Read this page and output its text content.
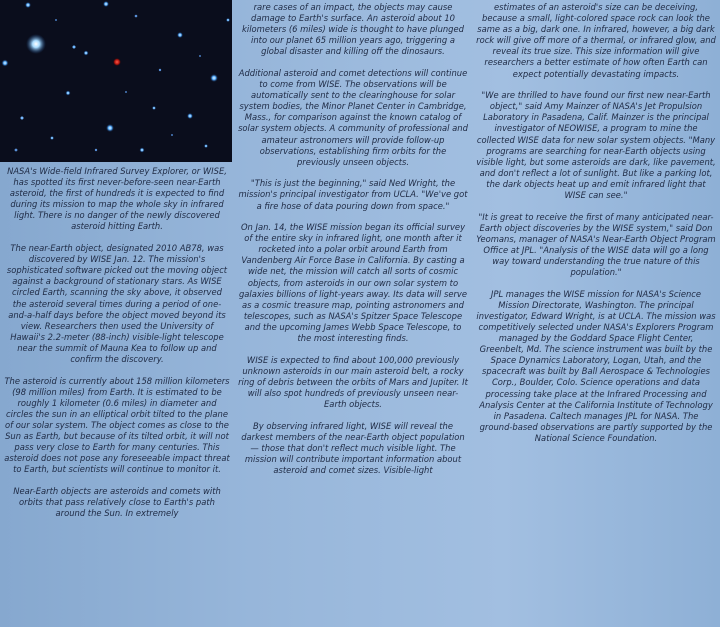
NASA's Wide-field Infrared Survey Explorer, or WISE, has spotted its first never-before-seen near-Earth asteroid, the first of hundreds it is expected to find during its mission to map the whole sky in infrared light. There is no danger of the newly discovered asteroid hitting Earth.

The near-Earth object, designated 2010 AB78, was discovered by WISE Jan. 12. The mission's sophisticated software picked out the moving object against a background of stationary stars. As WISE circled Earth, scanning the sky above, it observed the asteroid several times during a period of one-and-a-half days before the object moved beyond its view. Researchers then used the University of Hawaii's 2.2-meter (88-inch) visible-light telescope near the summit of Mauna Kea to follow up and confirm the discovery.

The asteroid is currently about 158 million kilometers (98 million miles) from Earth. It is estimated to be roughly 1 kilometer (0.6 miles) in diameter and circles the sun in an elliptical orbit tilted to the plane of our solar system. The object comes as close to the Sun as Earth, but because of its tilted orbit, it will not pass very close to Earth for many centuries. This asteroid does not pose any foreseeable impact threat to Earth, but scientists will continue to monitor it.

Near-Earth objects are asteroids and comets with orbits that pass relatively close to Earth's path around the Sun. In extremely

rare cases of an impact, the objects may cause damage to Earth's surface. An asteroid about 10 kilometers (6 miles) wide is thought to have plunged into our planet 65 million years ago, triggering a global disaster and killing off the dinosaurs.

Additional asteroid and comet detections will continue to come from WISE. The observations will be automatically sent to the clearinghouse for solar system bodies, the Minor Planet Center in Cambridge, Mass., for comparison against the known catalog of solar system objects. A community of professional and amateur astronomers will provide follow-up observations, establishing firm orbits for the previously unseen objects.

"This is just the beginning," said Ned Wright, the mission's principal investigator from UCLA. "We've got a fire hose of data pouring down from space."

On Jan. 14, the WISE mission began its official survey of the entire sky in infrared light, one month after it rocketed into a polar orbit around Earth from Vandenberg Air Force Base in California. By casting a wide net, the mission will catch all sorts of cosmic objects, from asteroids in our own solar system to galaxies billions of light-years away. Its data will serve as a cosmic treasure map, pointing astronomers and telescopes, such as NASA's Spitzer Space Telescope and the upcoming James Webb Space Telescope, to the most interesting finds.

WISE is expected to find about 100,000 previously unknown asteroids in our main asteroid belt, a rocky ring of debris between the orbits of Mars and Jupiter. It will also spot hundreds of previously unseen near-Earth objects.

By observing infrared light, WISE will reveal the darkest members of the near-Earth object population — those that don't reflect much visible light. The mission will contribute important information about asteroid and comet sizes. Visible-light

estimates of an asteroid's size can be deceiving, because a small, light-colored space rock can look the same as a big, dark one. In infrared, however, a big dark rock will give off more of a thermal, or infrared glow, and reveal its true size. This size information will give researchers a better estimate of how often Earth can expect potentially devastating impacts.

"We are thrilled to have found our first new near-Earth object," said Amy Mainzer of NASA's Jet Propulsion Laboratory in Pasadena, Calif. Mainzer is the principal investigator of NEOWISE, a program to mine the collected WISE data for new solar system objects. "Many programs are searching for near-Earth objects using visible light, but some asteroids are dark, like pavement, and don't reflect a lot of sunlight. But like a parking lot, the dark objects heat up and emit infrared light that WISE can see."

"It is great to receive the first of many anticipated near-Earth object discoveries by the WISE system," said Don Yeomans, manager of NASA's Near-Earth Object Program Office at JPL. "Analysis of the WISE data will go a long way toward understanding the true nature of this population."

JPL manages the WISE mission for NASA's Science Mission Directorate, Washington. The principal investigator, Edward Wright, is at UCLA. The mission was competitively selected under NASA's Explorers Program managed by the Goddard Space Flight Center, Greenbelt, Md. The science instrument was built by the Space Dynamics Laboratory, Logan, Utah, and the spacecraft was built by Ball Aerospace & Technologies Corp., Boulder, Colo. Science operations and data processing take place at the Infrared Processing and Analysis Center at the California Institute of Technology in Pasadena. Caltech manages JPL for NASA. The ground-based observations are partly supported by the National Science Foundation.
